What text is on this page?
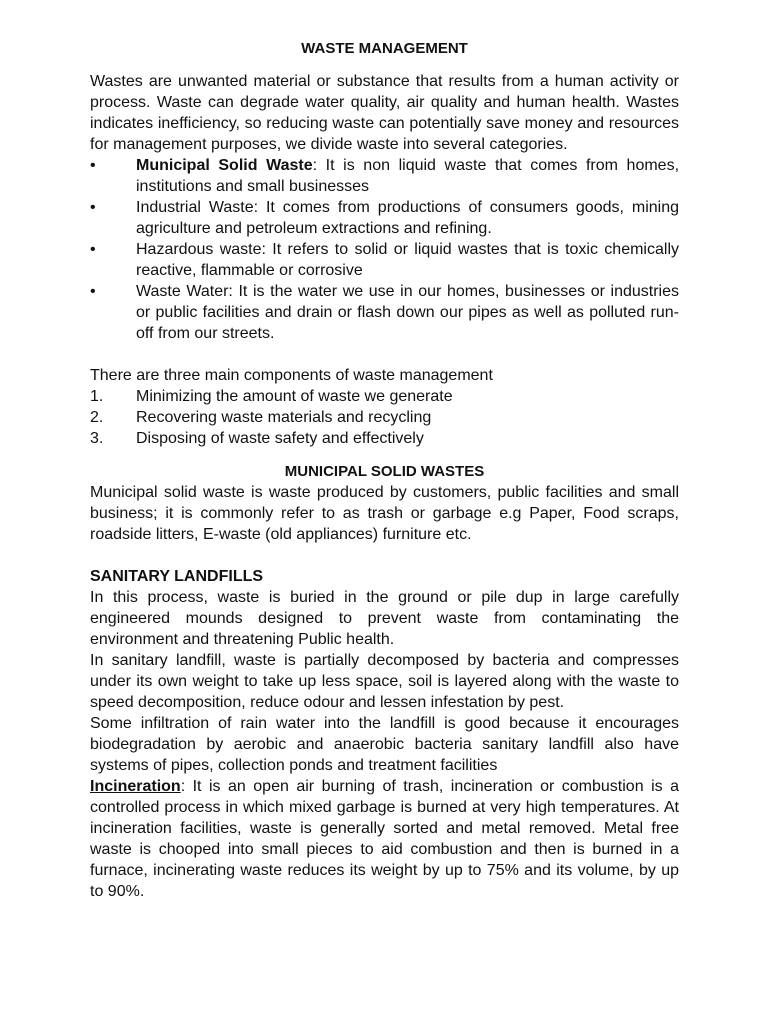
WASTE MANAGEMENT

Wastes are unwanted material or substance that results from a human activity or process. Waste can degrade water quality, air quality and human health. Wastes indicates inefficiency, so reducing waste can potentially save money and resources for management purposes, we divide waste into several categories.

•	Municipal Solid Waste: It is non liquid waste that comes from homes, institutions and small businesses
•	Industrial Waste: It comes from productions of consumers goods, mining agriculture and petroleum extractions and refining.
•	Hazardous waste: It refers to solid or liquid wastes that is toxic chemically reactive, flammable or corrosive
•	Waste Water: It is the water we use in our homes, businesses or industries or public facilities and drain or flash down our pipes as well as polluted run-off from our streets.

There are three main components of waste management

1.	Minimizing the amount of waste we generate
2.	Recovering waste materials and recycling
3.	Disposing of waste safety and effectively
MUNICIPAL SOLID WASTES

Municipal solid waste is waste produced by customers, public facilities and small business; it is commonly refer to as trash or garbage e.g Paper, Food scraps, roadside litters, E-waste (old appliances) furniture etc.

SANITARY LANDFILLS

In this process, waste is buried in the ground or pile dup in large carefully engineered mounds designed to prevent waste from contaminating the environment and threatening Public health.

In sanitary landfill, waste is partially decomposed by bacteria and compresses under its own weight to take up less space, soil is layered along with the waste to speed decomposition, reduce odour and lessen infestation by pest.

Some infiltration of rain water into the landfill is good because it encourages biodegradation by aerobic and anaerobic bacteria sanitary landfill also have systems of pipes, collection ponds and treatment facilities

Incineration: It is an open air burning of trash, incineration or combustion is a controlled process in which mixed garbage is burned at very high temperatures. At incineration facilities, waste is generally sorted and metal removed. Metal free waste is chooped into small pieces to aid combustion and then is burned in a furnace, incinerating waste reduces its weight by up to 75% and its volume, by up to 90%.
